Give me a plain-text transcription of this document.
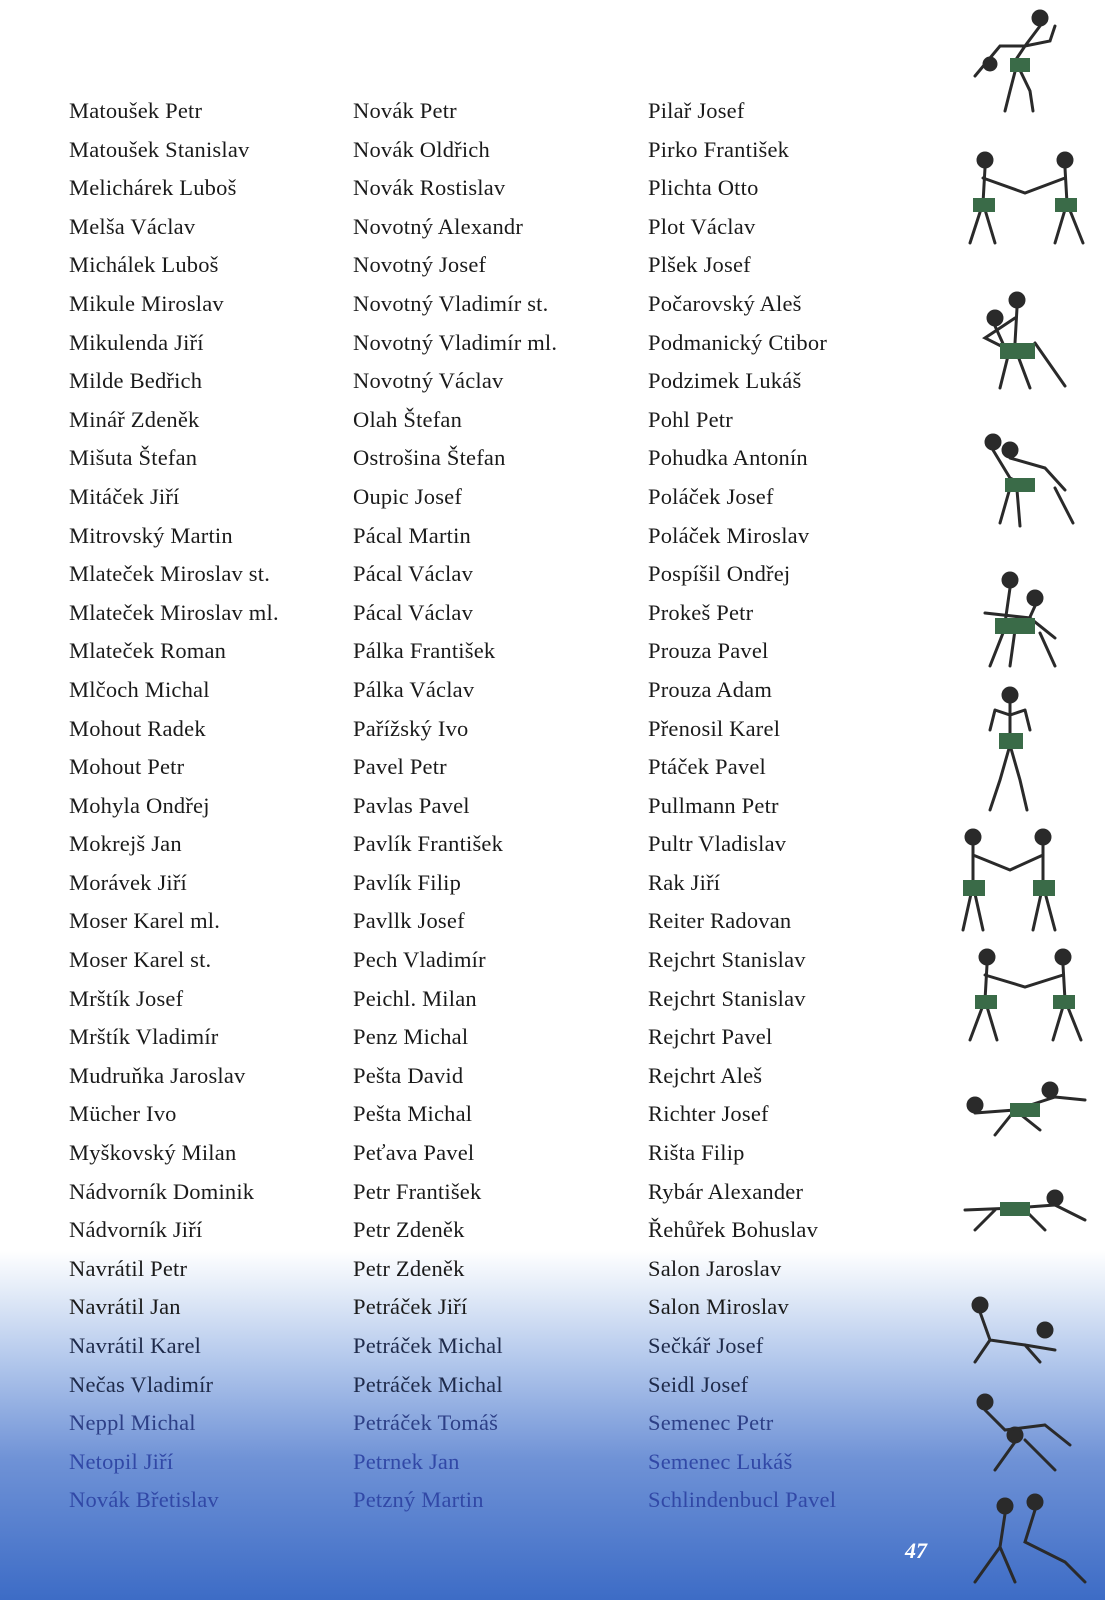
Matoušek Petr
Matoušek Stanislav
Melichárek Luboš
Melša Václav
Michálek Luboš
Mikule Miroslav
Mikulenda Jiří
Milde Bedřich
Minář Zdeněk
Mišuta Štefan
Mitáček Jiří
Mitrovský Martin
Mlateček Miroslav st.
Mlateček Miroslav ml.
Mlateček Roman
Mlčoch Michal
Mohout Radek
Mohout Petr
Mohyla Ondřej
Mokrejš Jan
Morávek Jiří
Moser Karel ml.
Moser Karel st.
Mrštík Josef
Mrštík Vladimír
Mudruňka Jaroslav
Mücher Ivo
Myškovský Milan
Nádvorník Dominik
Nádvorník Jiří
Navrátil Petr
Navrátil Jan
Navrátil Karel
Nečas Vladimír
Neppl Michal
Netopil Jiří
Novák Břetislav
Novák Petr
Novák Oldřich
Novák Rostislav
Novotný Alexandr
Novotný Josef
Novotný Vladimír st.
Novotný Vladimír ml.
Novotný Václav
Olah Štefan
Ostrošina Štefan
Oupic Josef
Pácal Martin
Pácal Václav
Pácal Václav
Pálka František
Pálka Václav
Pařížský Ivo
Pavel Petr
Pavlas Pavel
Pavlík František
Pavlík Filip
Pavllk Josef
Pech Vladimír
Peichl. Milan
Penz Michal
Pešta David
Pešta Michal
Peťava Pavel
Petr František
Petr Zdeněk
Petr Zdeněk
Petráček Jiří
Petráček Michal
Petráček Michal
Petráček Tomáš
Petrnek Jan
Petzný Martin
Pilař Josef
Pirko František
Plichta Otto
Plot Václav
Plšek Josef
Počarovský Aleš
Podmanický Ctibor
Podzimek Lukáš
Pohl Petr
Pohudka Antonín
Poláček Josef
Poláček Miroslav
Pospíšil Ondřej
Prokeš Petr
Prouza Pavel
Prouza Adam
Přenosil Karel
Ptáček Pavel
Pullmann Petr
Pultr Vladislav
Rak Jiří
Reiter Radovan
Rejchrt Stanislav
Rejchrt Stanislav
Rejchrt Pavel
Rejchrt Aleš
Richter Josef
Rišta Filip
Rybár Alexander
Řehůřek Bohuslav
Salon Jaroslav
Salon Miroslav
Sečkář Josef
Seidl Josef
Semenec Petr
Semenec Lukáš
Schlindenbucl Pavel
47
